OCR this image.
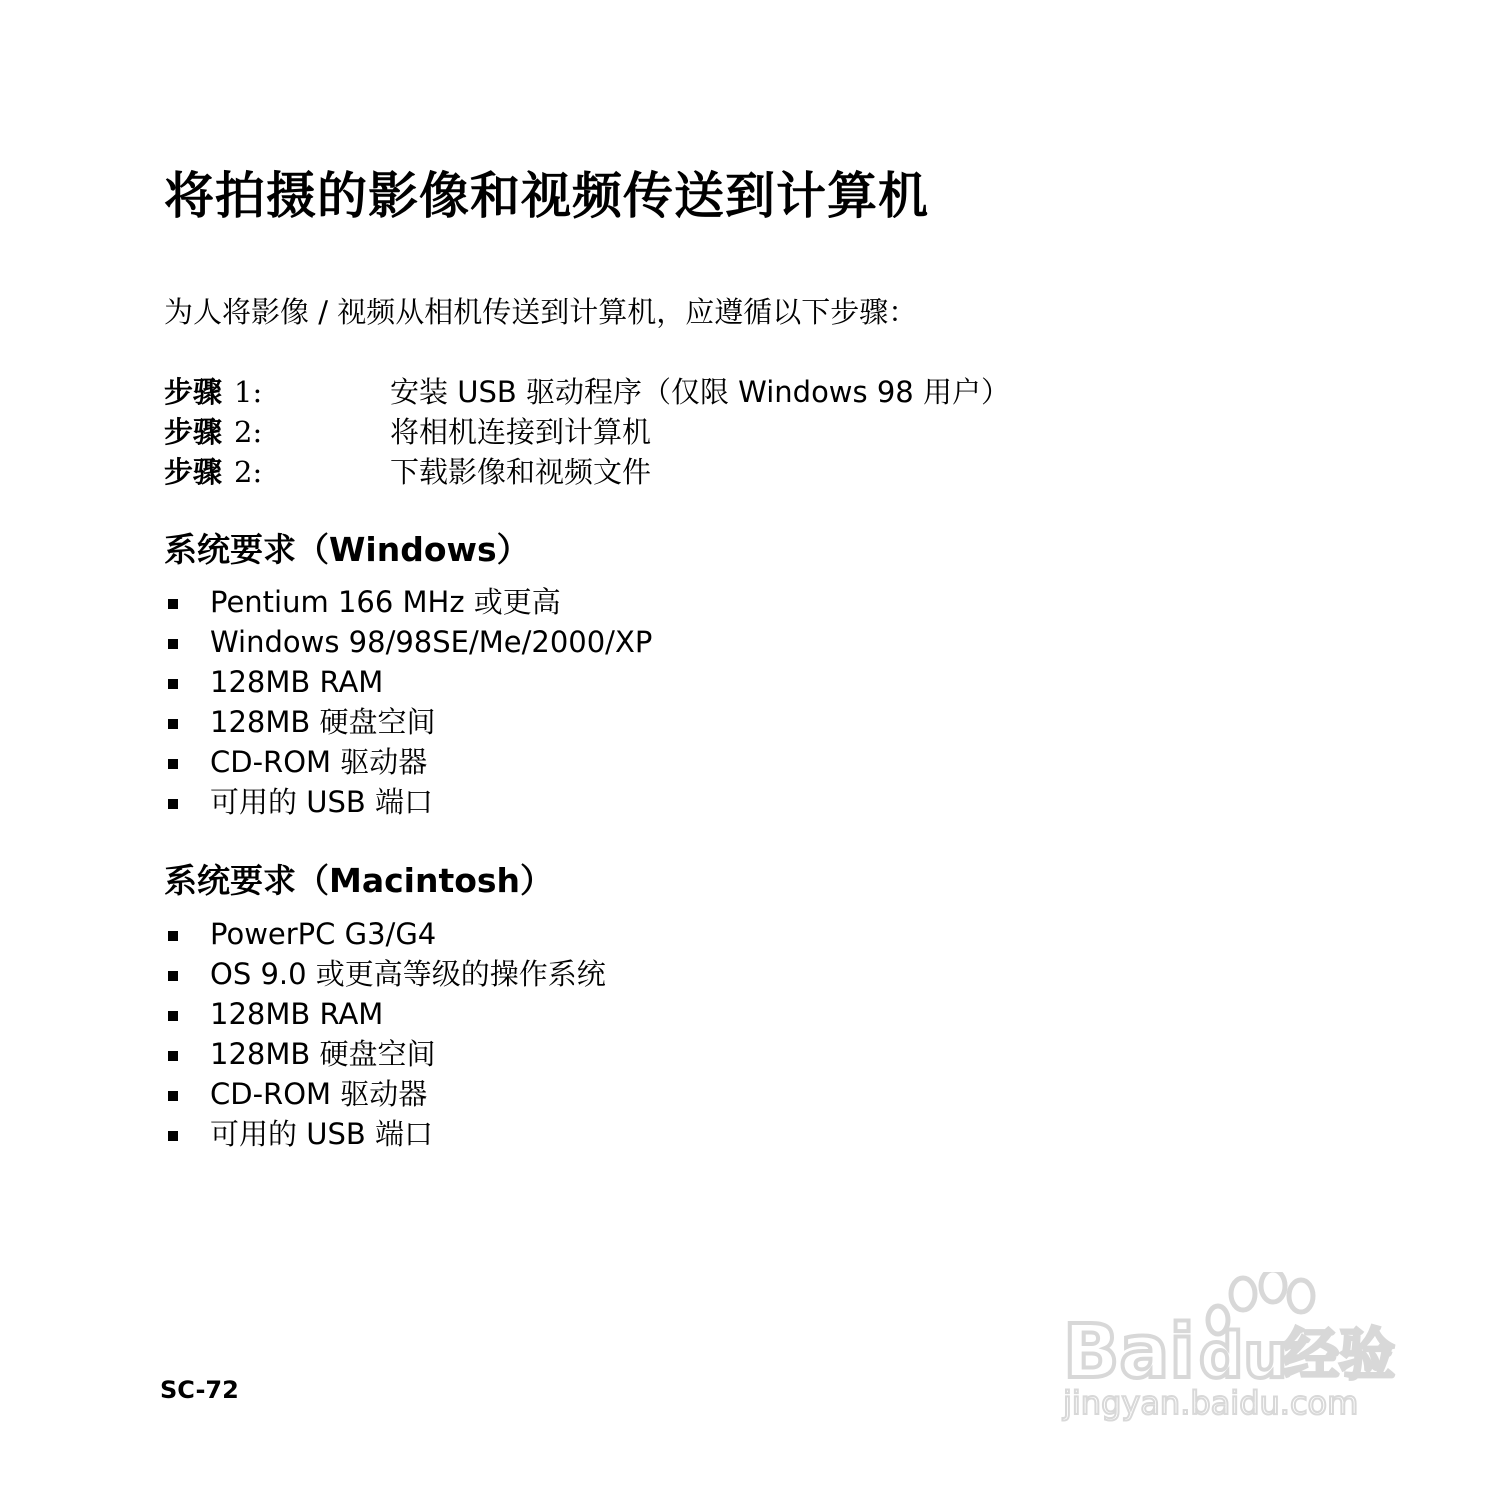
将拍摄的影像和视频传送到计算机
为人将影像 / 视频从相机传送到计算机，应遵循以下步骤：
步骤 1:	安装 USB 驱动程序（仅限 Windows 98 用户）
步骤 2:	将相机连接到计算机
步骤 2:	下载影像和视频文件
系统要求（Windows）
Pentium 166 MHz 或更高
Windows 98/98SE/Me/2000/XP
128MB RAM
128MB 硬盘空间
CD-ROM 驱动器
可用的 USB 端口
系统要求（Macintosh）
PowerPC G3/G4
OS 9.0 或更高等级的操作系统
128MB RAM
128MB 硬盘空间
CD-ROM 驱动器
可用的 USB 端口
SC-72	Bai du
经验
jingyan.baidu.com
